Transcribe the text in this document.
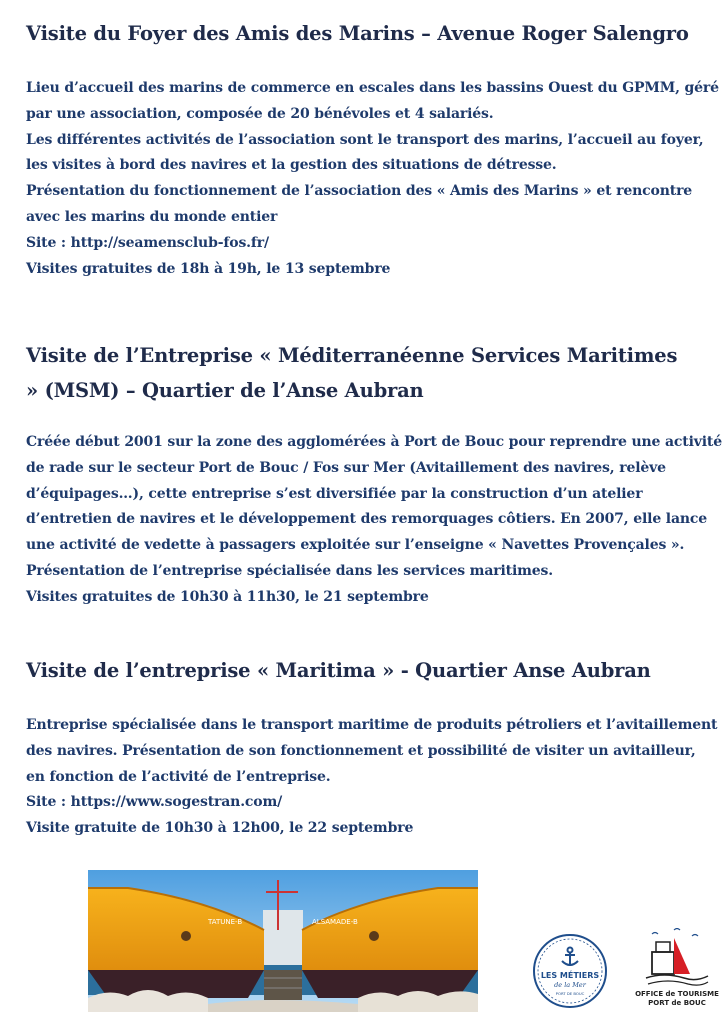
Visite du Foyer des Amis des Marins – Avenue Roger Salengro

Lieu d’accueil des marins de commerce en escales dans les bassins Ouest du GPMM, géré

par une association, composée de 20 bénévoles et 4 salariés.

Les différentes activités de l’association sont le transport des marins, l’accueil au foyer,

les visites à bord des navires et la gestion des situations de détresse.

Présentation du fonctionnement de l’association des « Amis des Marins » et rencontre

avec les marins du monde entier

Site : http://seamensclub-fos.fr/

Visites gratuites de 18h à 19h, le 13 septembre

Visite de l’Entreprise « Méditerranéenne Services Maritimes
» (MSM) – Quartier de l’Anse Aubran

Créée début 2001 sur la zone des agglomérées à Port de Bouc pour reprendre une activité

de rade sur le secteur Port de Bouc / Fos sur Mer (Avitaillement des navires, relève

d’équipages…), cette entreprise s’est diversifiée par la construction d’un atelier

d’entretien de navires et le développement des remorquages côtiers. En 2007, elle lance

une activité de vedette à passagers exploitée sur l’enseigne « Navettes Provençales ».

Présentation de l’entreprise spécialisée dans les services maritimes.

Visites gratuites de 10h30 à 11h30, le 21 septembre

Visite de l’entreprise « Maritima » - Quartier Anse Aubran

Entreprise spécialisée dans le transport maritime de produits pétroliers et l’avitaillement

des navires. Présentation de son fonctionnement et possibilité de visiter un avitailleur,

en fonction de l’activité de l’entreprise.

Site : https://www.sogestran.com/

Visite gratuite de 10h30 à 12h00, le 22 septembre

TATUNE-B	ALSAMADE-B
LES MÉTIERS
de la Mer
PORT DE BOUC	OFFICE de TOURISME
PORT de BOUC
